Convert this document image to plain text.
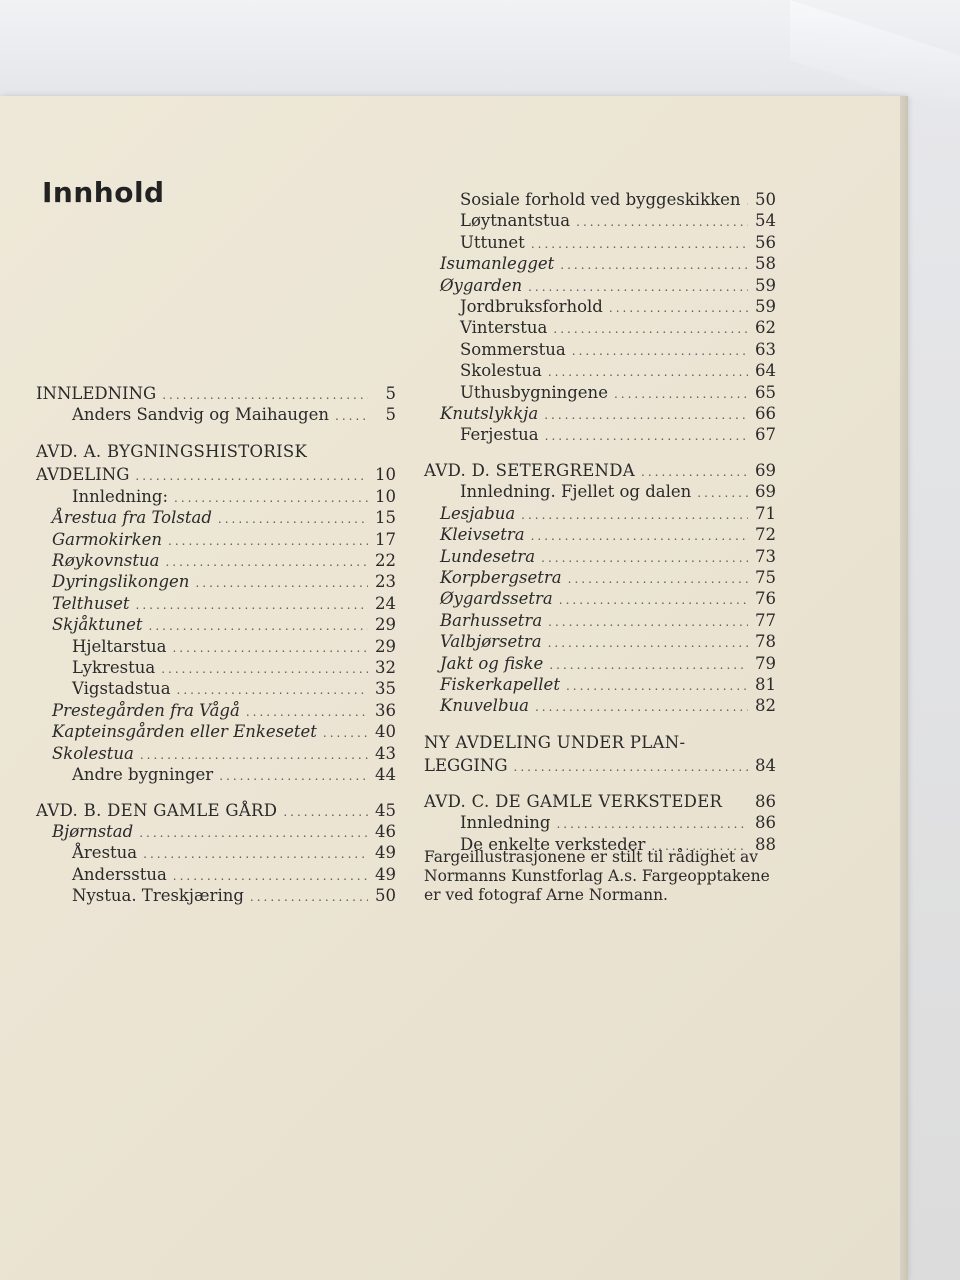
Innhold
INNLEDNING .....	5
Anders Sandvig og Maihaugen .....	5
AVD. A. BYGNINGSHISTORISK
AVDELING .....	10
Innledning: .....	10
Årestua fra Tolstad .....	15
Garmokirken .....	17
Røykovnstua .....	22
Dyringslikongen .....	23
Telthuset .....	24
Skjåktunet .....	29
Hjeltarstua .....	29
Lykrestua .....	32
Vigstadstua .....	35
Prestegården fra Vågå .....	36
Kapteinsgården eller Enkesetet .....	40
Skolestua .....	43
Andre bygninger .....	44
AVD. B. DEN GAMLE GÅRD .....	45
Bjørnstad .....	46
Årestua .....	49
Andersstua .....	49
Nystua. Treskjæring .....	50
Sosiale forhold ved byggeskikken ..... 50
Løytnantstua .....	54
Uttunet .....	56
Isumanlegget .....	58
Øygarden .....	59
Jordbruksforhold .....	59
Vinterstua .....	62
Sommerstua .....	63
Skolestua .....	64
Uthusbygningene .....	65
Knutslykkja .....	66
Ferjestua .....	67
AVD. D. SETERGRENDA .....	69
Innledning. Fjellet og dalen .....	69
Lesjabua .....	71
Kleivsetra .....	72
Lundesetra .....	73
Korpbergsetra .....	75
Øygardssetra .....	76
Barhussetra .....	77
Valbjørsetra .....	78
Jakt og fiske .....	79
Fiskerkapellet .....	81
Knuvelbua .....	82
NY AVDELING UNDER PLAN-
LEGGING .....	84
AVD. C. DE GAMLE VERKSTEDER 86
Innledning .....	86
De enkelte verksteder .....	88

Fargeillustrasjonene er stilt til rådighet av Normanns Kunstforlag A.s. Fargeopptakene er ved fotograf Arne Normann.
